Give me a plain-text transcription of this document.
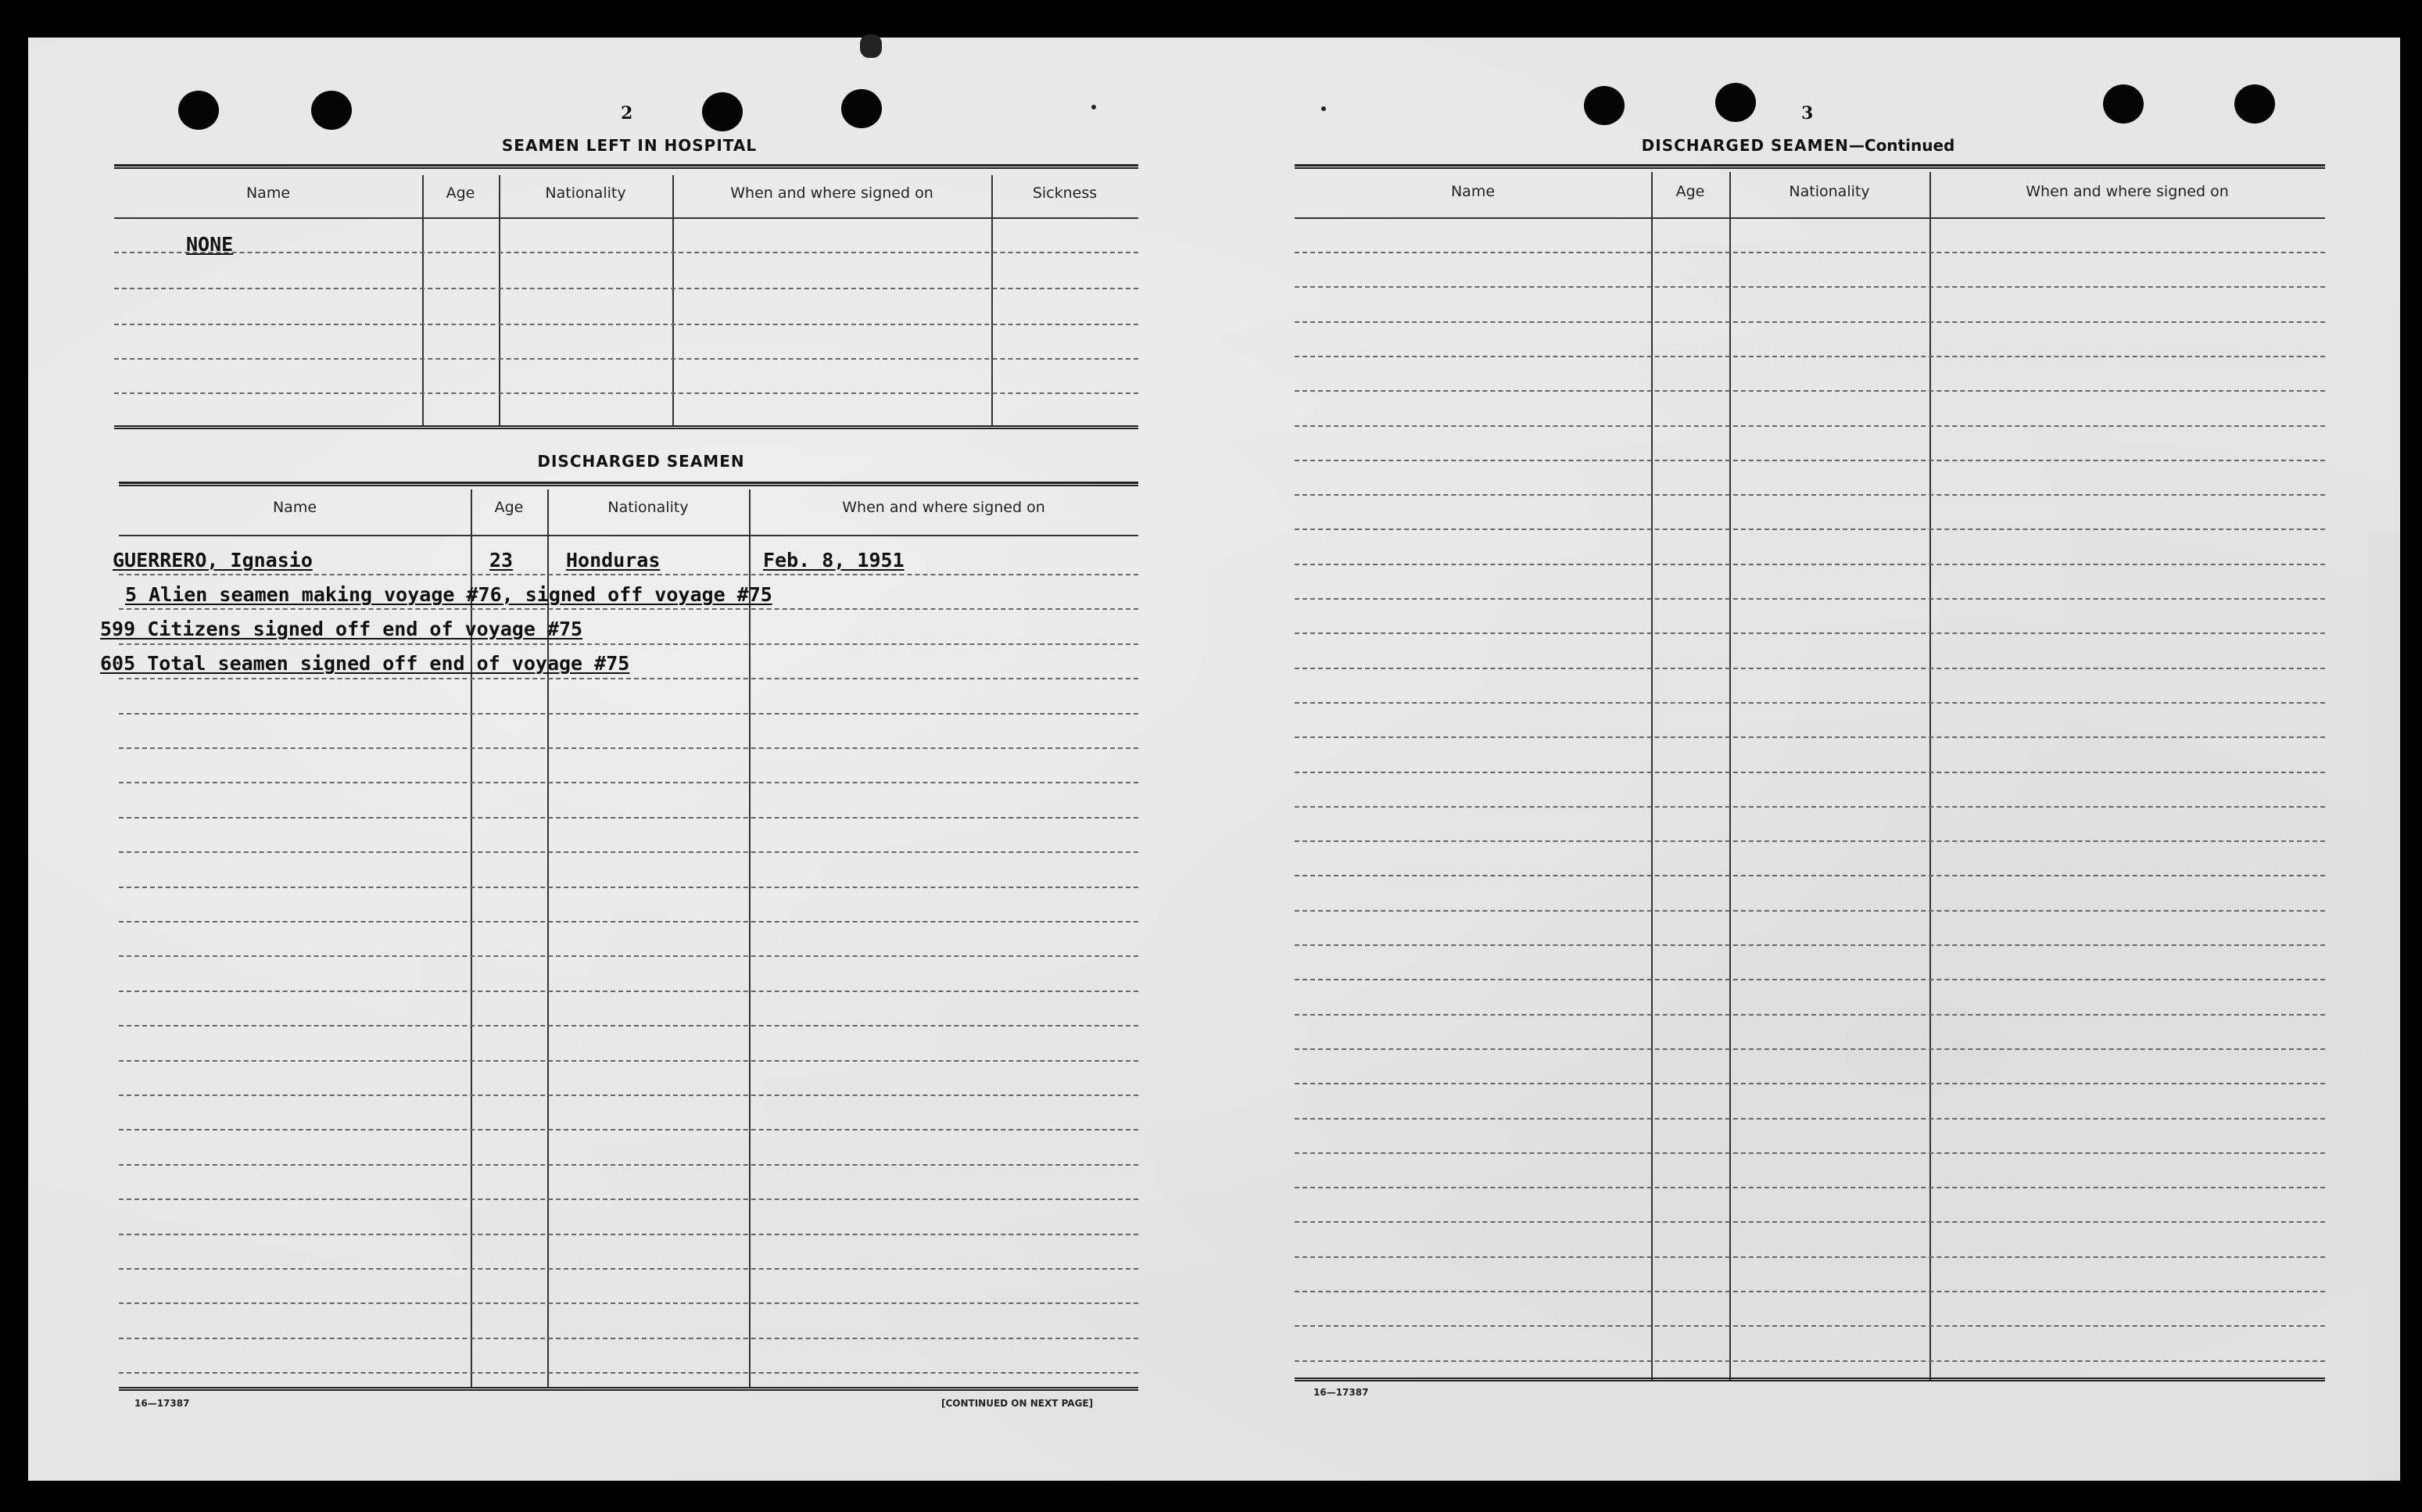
2
SEAMEN LEFT IN HOSPITAL
Name	Age	Nationality	When and where signed on	Sickness
NONE
DISCHARGED SEAMEN
Name	Age	Nationality	When and where signed on
GUERRERO, Ignasio	23	Honduras	Feb. 8, 1951
5 Alien seamen making voyage #76, signed off voyage #75
599 Citizens signed off end of voyage #75
605 Total seamen signed off end of voyage #75
16—17387	[CONTINUED ON NEXT PAGE]
3
DISCHARGED SEAMEN—Continued
Name	Age	Nationality	When and where signed on
16—17387
